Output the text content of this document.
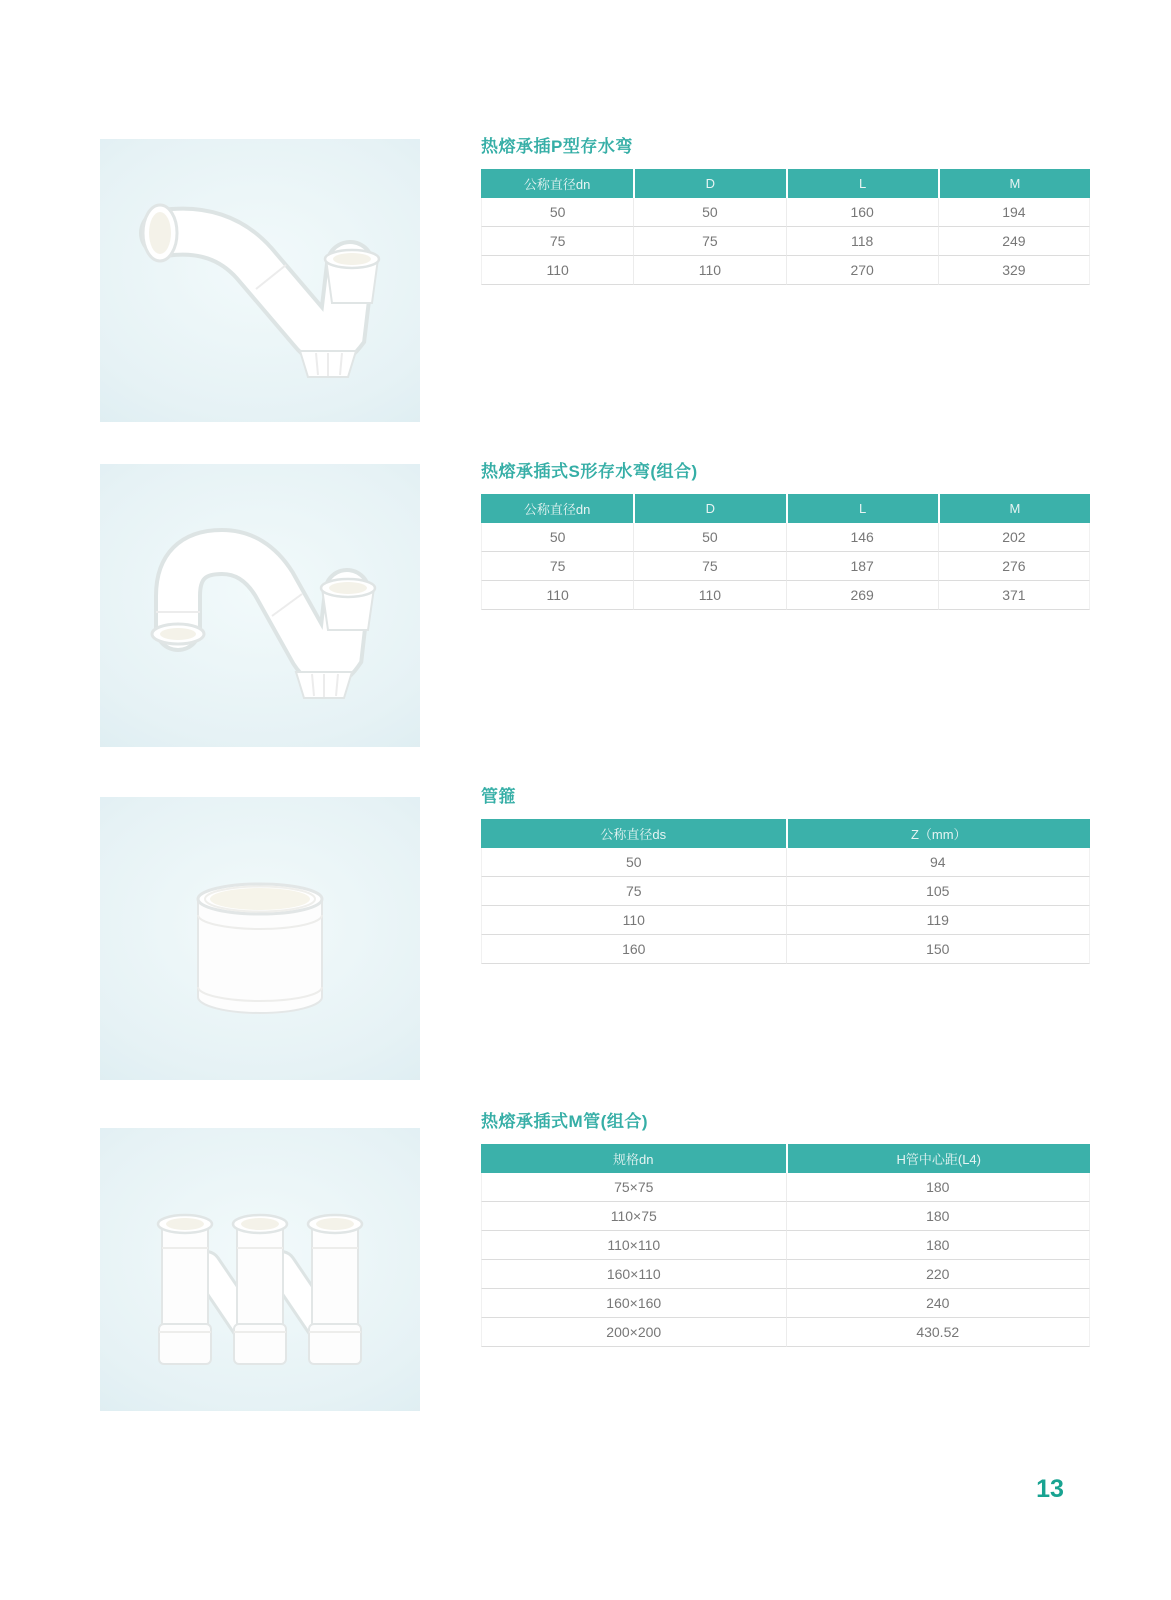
热熔承插P型存水弯
公称直径dn	D	L	M
50	50	160	194
75	75	118	249
110	110	270	329
热熔承插式S形存水弯(组合)
公称直径dn	D	L	M
50	50	146	202
75	75	187	276
110	110	269	371
管箍
公称直径ds	Z（mm）
50	94
75	105
110	119
160	150
热熔承插式M管(组合)
规格dn	H管中心距(L4)
75×75	180
110×75	180
110×110	180
160×110	220
160×160	240
200×200	430.52
13
